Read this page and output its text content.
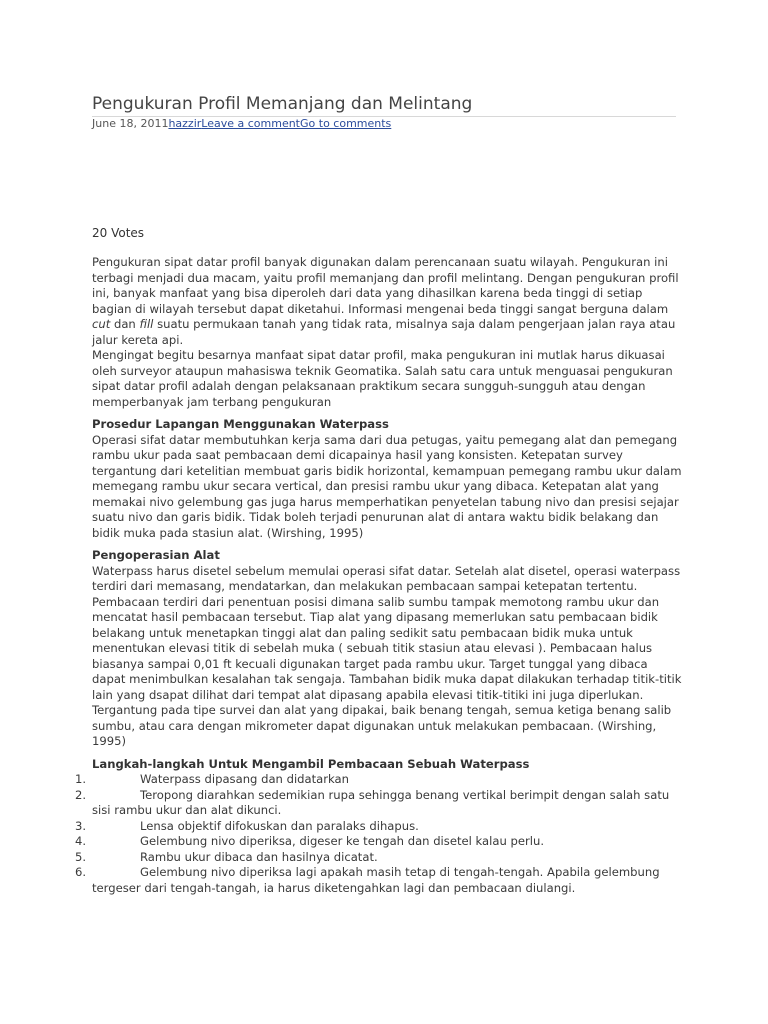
Pengukuran Profil Memanjang dan Melintang
June 18, 2011hazzirLeave a commentGo to comments
20 Votes

Pengukuran sipat datar profil banyak digunakan dalam perencanaan suatu wilayah. Pengukuran ini terbagi menjadi dua macam, yaitu profil memanjang dan profil melintang. Dengan pengukuran profil ini, banyak manfaat yang bisa diperoleh dari data yang dihasilkan karena beda tinggi di setiap bagian di wilayah tersebut dapat diketahui. Informasi mengenai beda tinggi sangat berguna dalam cut dan fill suatu permukaan tanah yang tidak rata, misalnya saja dalam pengerjaan jalan raya atau jalur kereta api.

Mengingat begitu besarnya manfaat sipat datar profil, maka pengukuran ini mutlak harus dikuasai oleh surveyor ataupun mahasiswa teknik Geomatika. Salah satu cara untuk menguasai pengukuran sipat datar profil adalah dengan pelaksanaan praktikum secara sungguh-sungguh atau dengan memperbanyak jam terbang pengukuran

Prosedur Lapangan Menggunakan Waterpass

Operasi sifat datar membutuhkan kerja sama dari dua petugas, yaitu pemegang alat dan pemegang rambu ukur pada saat pembacaan demi dicapainya hasil yang konsisten. Ketepatan survey tergantung dari ketelitian membuat garis bidik horizontal, kemampuan pemegang rambu ukur dalam memegang rambu ukur secara vertical, dan presisi rambu ukur yang dibaca. Ketepatan alat yang memakai nivo gelembung gas juga harus memperhatikan penyetelan tabung nivo dan presisi sejajar suatu nivo dan garis bidik. Tidak boleh terjadi penurunan alat di antara waktu bidik belakang dan bidik muka pada stasiun alat. (Wirshing, 1995)

Pengoperasian Alat

Waterpass harus disetel sebelum memulai operasi sifat datar. Setelah alat disetel, operasi waterpass terdiri dari memasang, mendatarkan, dan melakukan pembacaan sampai ketepatan tertentu. Pembacaan terdiri dari penentuan posisi dimana salib sumbu tampak memotong rambu ukur dan mencatat hasil pembacaan tersebut. Tiap alat yang dipasang memerlukan satu pembacaan bidik belakang untuk menetapkan tinggi alat dan paling sedikit satu pembacaan bidik muka untuk menentukan elevasi titik di sebelah muka ( sebuah titik stasiun atau elevasi ). Pembacaan halus biasanya sampai 0,01 ft kecuali digunakan target pada rambu ukur. Target tunggal yang dibaca dapat menimbulkan kesalahan tak sengaja. Tambahan bidik muka dapat dilakukan terhadap titik-titik lain yang dsapat dilihat dari tempat alat dipasang apabila elevasi titik-titiki ini juga diperlukan. Tergantung pada tipe survei dan alat yang dipakai, baik benang tengah, semua ketiga benang salib sumbu, atau cara dengan mikrometer dapat digunakan untuk melakukan pembacaan. (Wirshing, 1995)

Langkah-langkah Untuk Mengambil Pembacaan Sebuah Waterpass
1.	Waterpass dipasang dan didatarkan
2.	Teropong diarahkan sedemikian rupa sehingga benang vertikal berimpit dengan salah satu sisi rambu ukur dan alat dikunci.
3.	Lensa objektif difokuskan dan paralaks dihapus.
4.	Gelembung nivo diperiksa, digeser ke tengah dan disetel kalau perlu.
5.	Rambu ukur dibaca dan hasilnya dicatat.
6.	Gelembung nivo diperiksa lagi apakah masih tetap di tengah-tengah. Apabila gelembung tergeser dari tengah-tangah, ia harus diketengahkan lagi dan pembacaan diulangi.
